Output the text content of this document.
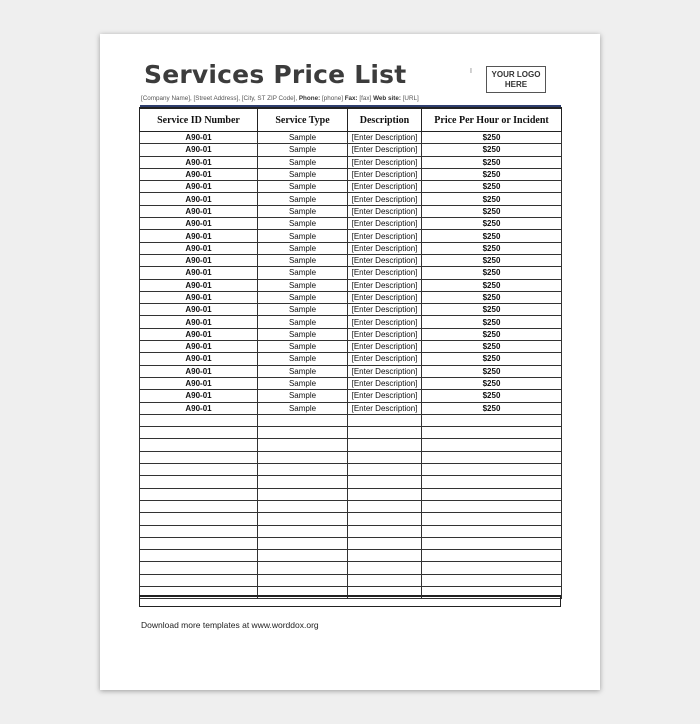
Services Price List	I	YOUR LOGO HERE
[Company Name], [Street Address], [City, ST ZIP Code], Phone: [phone] Fax: [fax] Web site: [URL]
Service ID Number	Service Type	Description	Price Per Hour or Incident
A90-01	Sample	[Enter Description]	$250
A90-01	Sample	[Enter Description]	$250
A90-01	Sample	[Enter Description]	$250
A90-01	Sample	[Enter Description]	$250
A90-01	Sample	[Enter Description]	$250
A90-01	Sample	[Enter Description]	$250
A90-01	Sample	[Enter Description]	$250
A90-01	Sample	[Enter Description]	$250
A90-01	Sample	[Enter Description]	$250
A90-01	Sample	[Enter Description]	$250
A90-01	Sample	[Enter Description]	$250
A90-01	Sample	[Enter Description]	$250
A90-01	Sample	[Enter Description]	$250
A90-01	Sample	[Enter Description]	$250
A90-01	Sample	[Enter Description]	$250
A90-01	Sample	[Enter Description]	$250
A90-01	Sample	[Enter Description]	$250
A90-01	Sample	[Enter Description]	$250
A90-01	Sample	[Enter Description]	$250
A90-01	Sample	[Enter Description]	$250
A90-01	Sample	[Enter Description]	$250
A90-01	Sample	[Enter Description]	$250
A90-01	Sample	[Enter Description]	$250

Download more templates at www.worddox.org
